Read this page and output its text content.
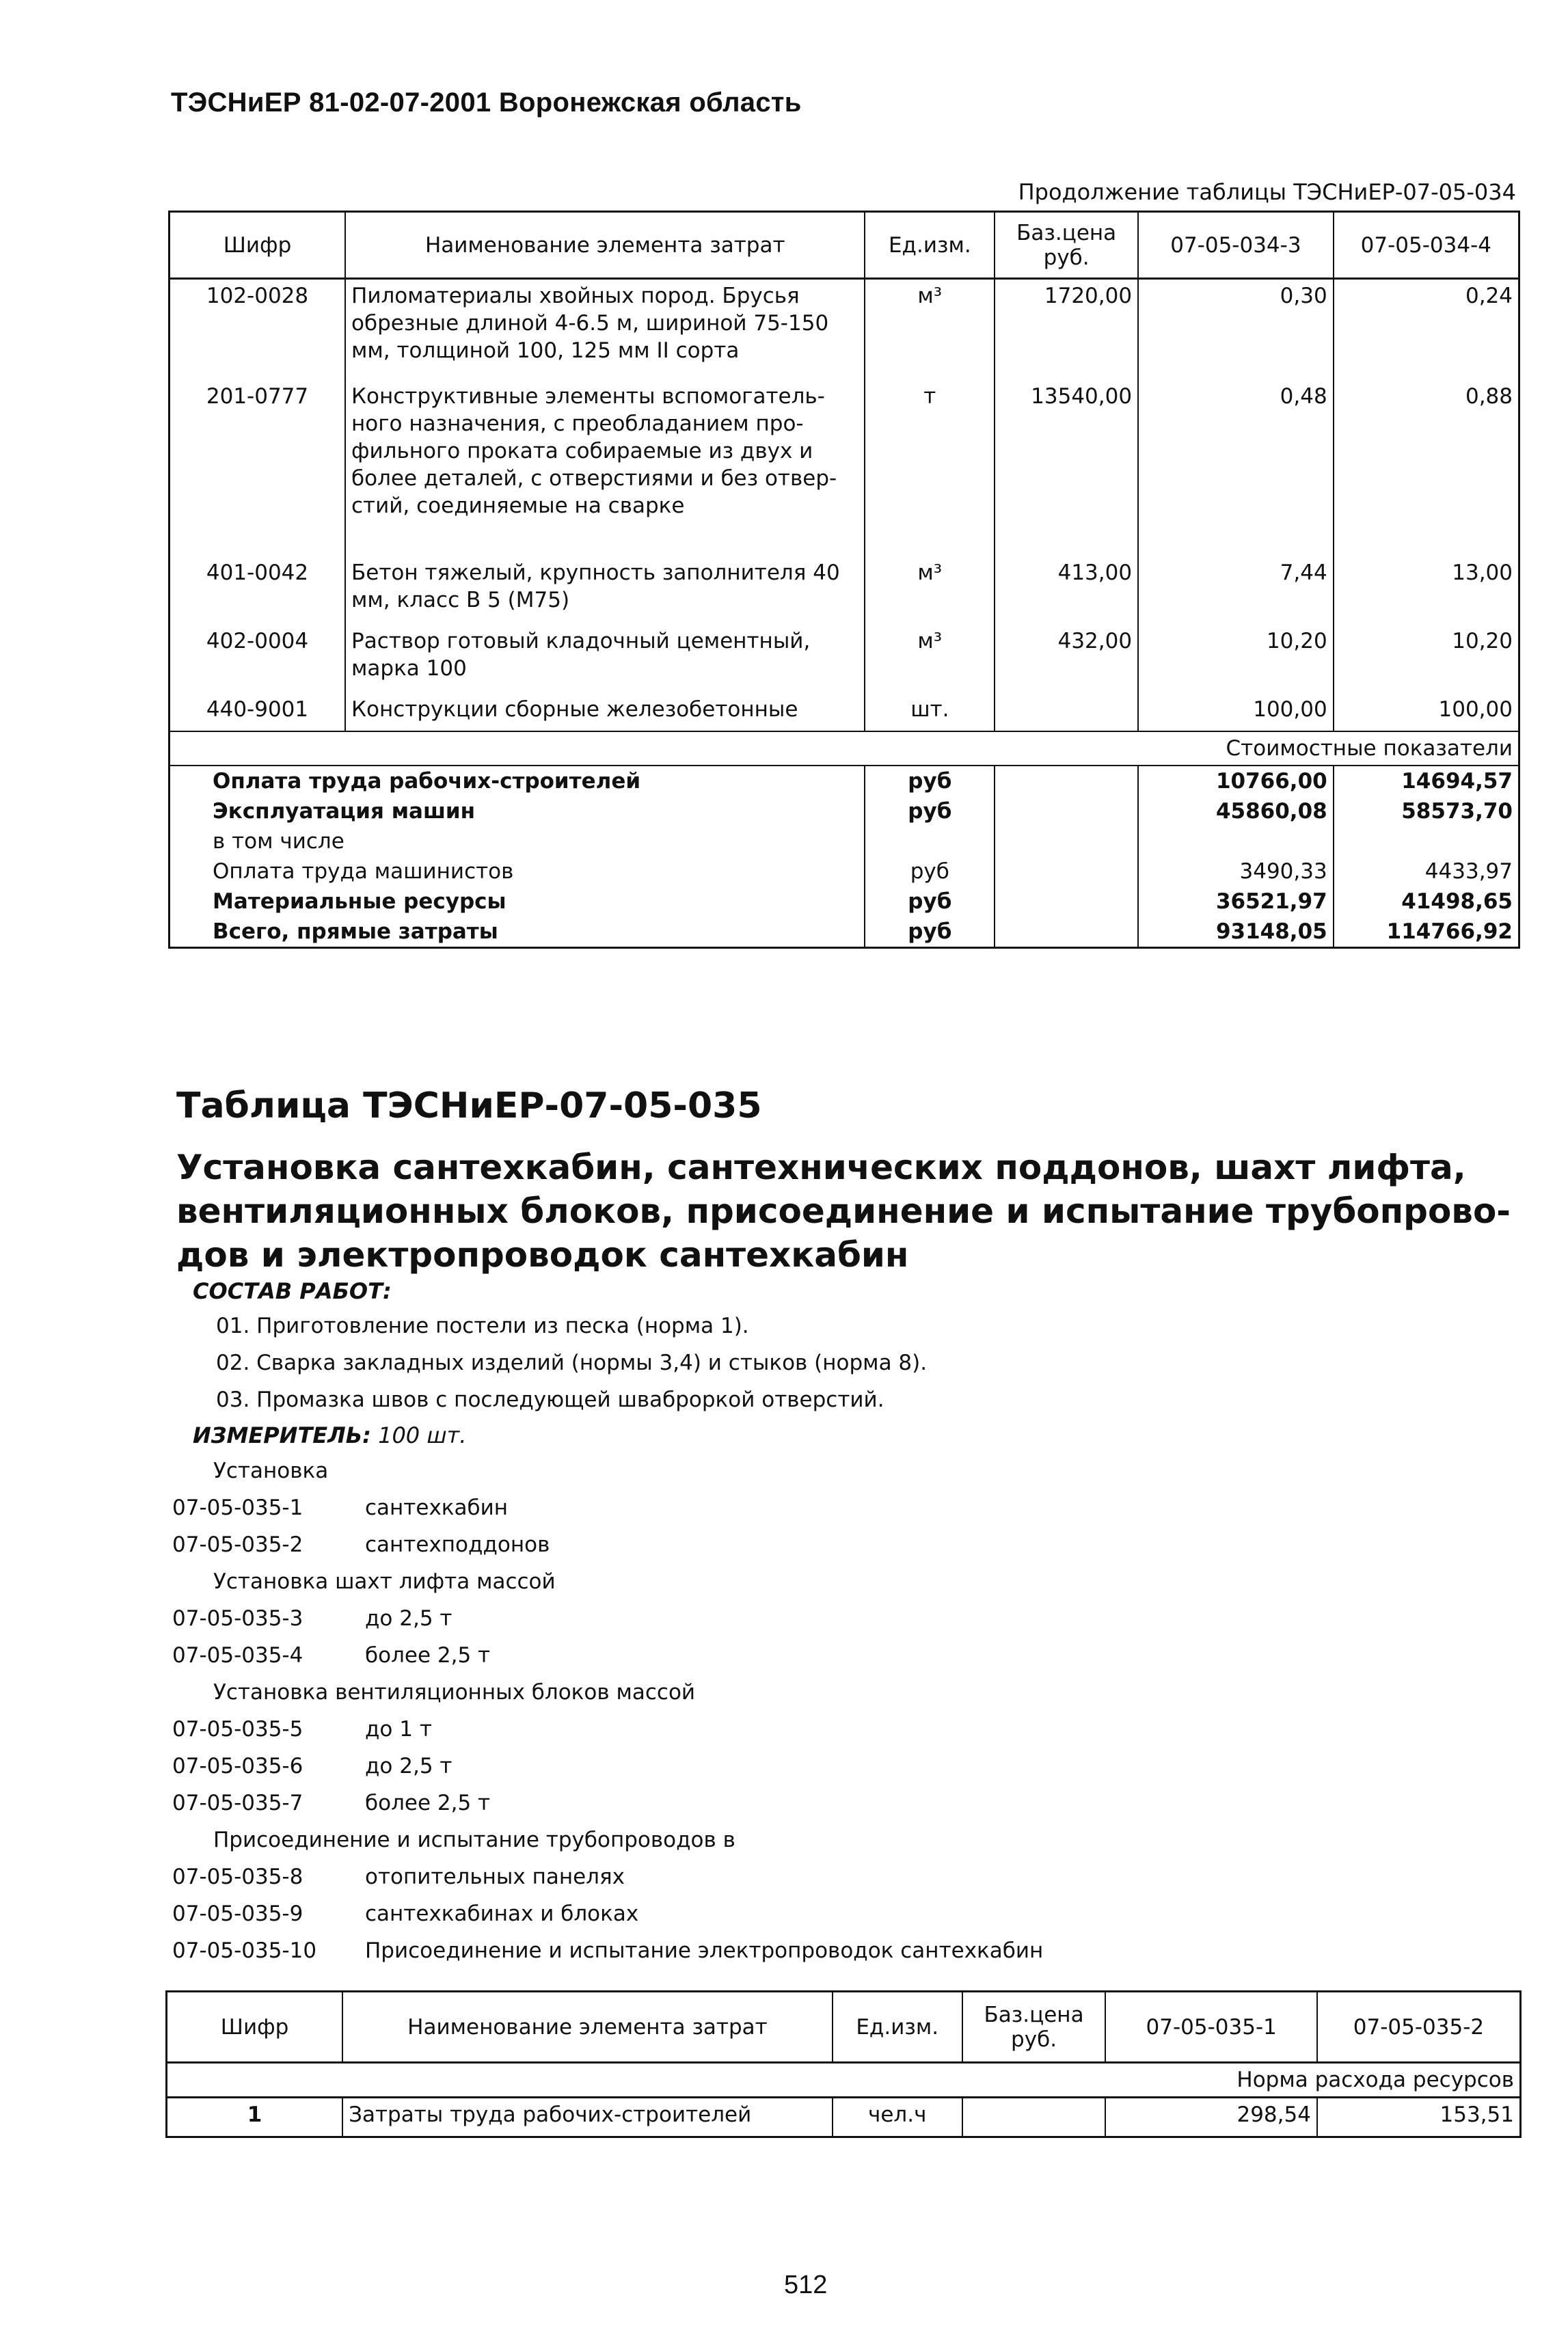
ТЭСНиЕР 81-02-07-2001 Воронежская область
Продолжение таблицы ТЭСНиЕР-07-05-034
Шифр	Наименование элемента затрат	Ед.изм.	Баз.цена руб.	07-05-034-3	07-05-034-4
102-0028	Пиломатериалы хвойных пород. Брусья обрезные длиной 4-6.5 м, шириной 75-150 мм, толщиной 100, 125 мм II сорта	м³	1720,00	0,30	0,24
201-0777	Конструктивные элементы вспомогатель-ного назначения, с преобладанием про-фильного проката собираемые из двух и более деталей, с отверстиями и без отвер-стий, соединяемые на сварке	т	13540,00	0,48	0,88
401-0042	Бетон тяжелый, крупность заполнителя 40 мм, класс В 5 (М75)	м³	413,00	7,44	13,00
402-0004	Раствор готовый кладочный цементный, марка 100	м³	432,00	10,20	10,20
440-9001	Конструкции сборные железобетонные	шт.		100,00	100,00
Стоимостные показатели					
Оплата труда рабочих-строителей		руб		10766,00	14694,57
Эксплуатация машин		руб		45860,08	58573,70
в том числе					
Оплата труда машинистов		руб		3490,33	4433,97
Материальные ресурсы		руб		36521,97	41498,65
Всего, прямые затраты		руб		93148,05	114766,92
Таблица ТЭСНиЕР-07-05-035
Установка сантехкабин, сантехнических поддонов, шахт лифта, вентиляционных блоков, присоединение и испытание трубопрово-дов и электропроводок сантехкабин
СОСТАВ РАБОТ:
01. Приготовление постели из песка (норма 1).
02. Сварка закладных изделий (нормы 3,4) и стыков (норма 8).
03. Промазка швов с последующей шваброркой отверстий.
ИЗМЕРИТЕЛЬ: 100 шт.
Установка
07-05-035-1	сантехкабин
07-05-035-2	сантехподдонов
Установка шахт лифта массой
07-05-035-3	до 2,5 т
07-05-035-4	более 2,5 т
Установка вентиляционных блоков массой
07-05-035-5	до 1 т
07-05-035-6	до 2,5 т
07-05-035-7	более 2,5 т
Присоединение и испытание трубопроводов в
07-05-035-8	отопительных панелях
07-05-035-9	сантехкабинах и блоках
07-05-035-10	Присоединение и испытание электропроводок сантехкабин
Шифр	Наименование элемента затрат	Ед.изм.	Баз.цена руб.	07-05-035-1	07-05-035-2
Норма расхода ресурсов					
1	Затраты труда рабочих-строителей	чел.ч		298,54	153,51
512
